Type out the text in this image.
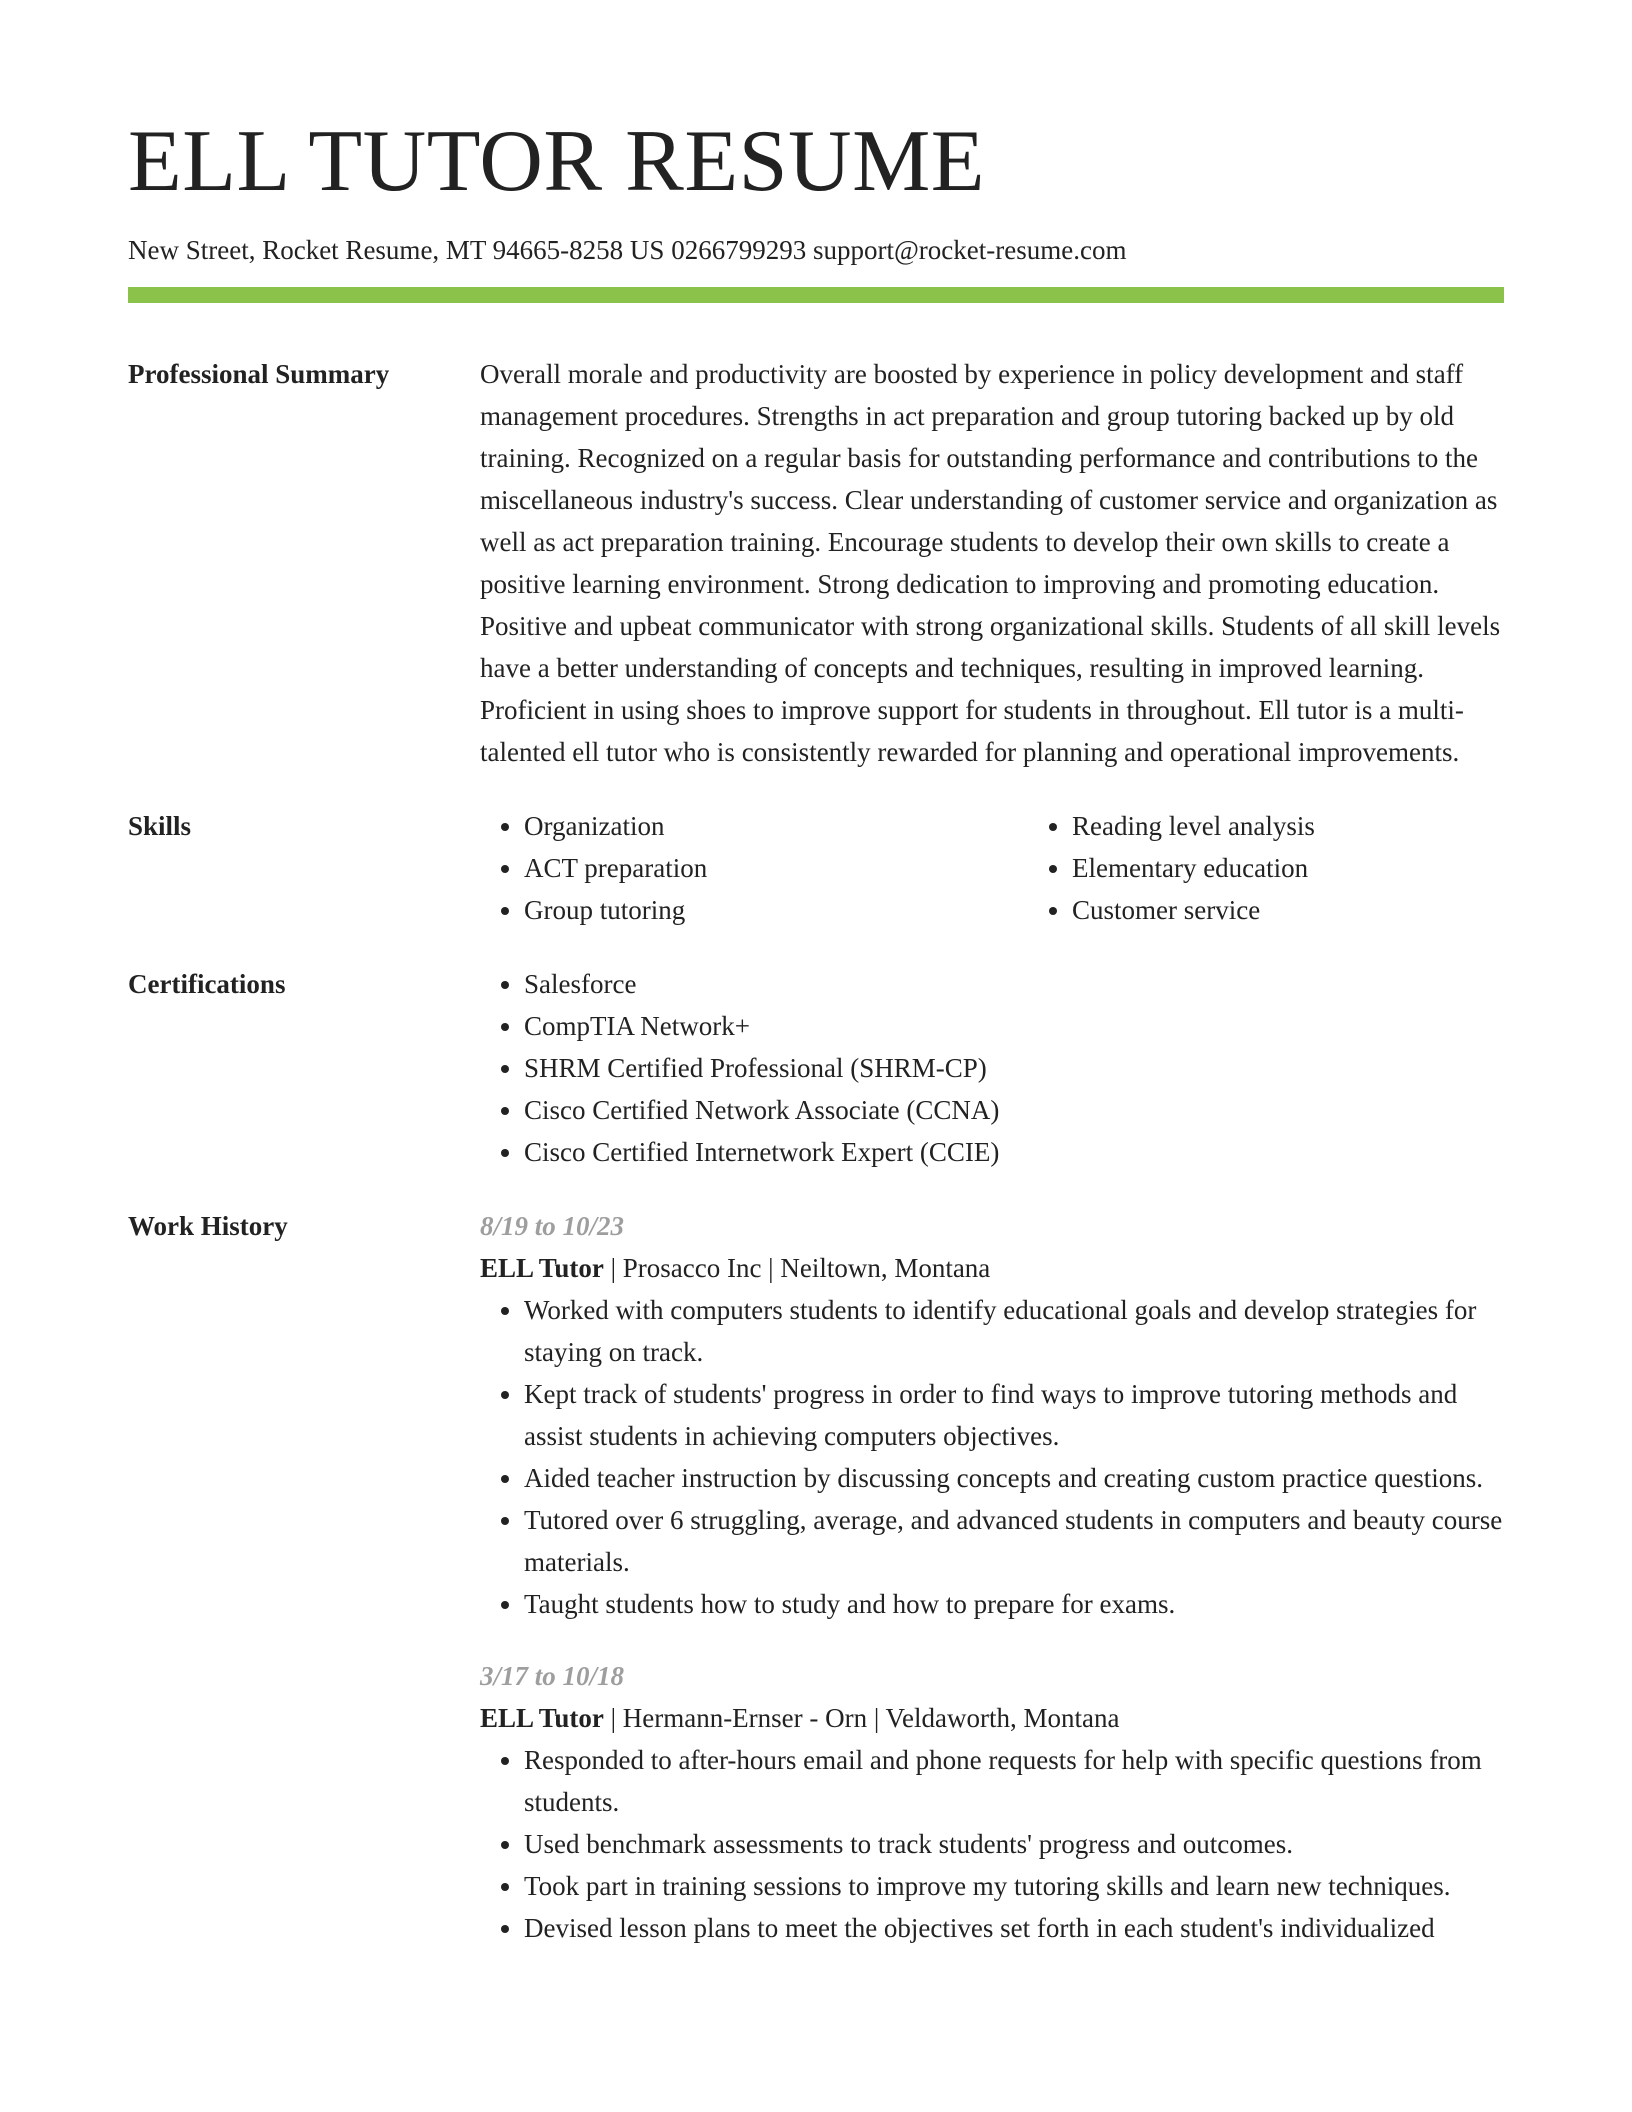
ELL TUTOR RESUME
New Street, Rocket Resume, MT 94665-8258 US 0266799293 support@rocket-resume.com
Professional Summary	Overall morale and productivity are boosted by experience in policy development and staff management procedures. Strengths in act preparation and group tutoring backed up by old training. Recognized on a regular basis for outstanding performance and contributions to the miscellaneous industry's success. Clear understanding of customer service and organization as well as act preparation training. Encourage students to develop their own skills to create a positive learning environment. Strong dedication to improving and promoting education. Positive and upbeat communicator with strong organizational skills. Students of all skill levels have a better understanding of concepts and techniques, resulting in improved learning. Proficient in using shoes to improve support for students in throughout. Ell tutor is a multi-talented ell tutor who is consistently rewarded for planning and operational improvements.
Skills	• Organization
• ACT preparation
• Group tutoring
• Reading level analysis
• Elementary education
• Customer service
Certifications	• Salesforce
• CompTIA Network+
• SHRM Certified Professional (SHRM-CP)
• Cisco Certified Network Associate (CCNA)
• Cisco Certified Internetwork Expert (CCIE)
Work History	8/19 to 10/23
ELL Tutor | Prosacco Inc | Neiltown, Montana
• Worked with computers students to identify educational goals and develop strategies for staying on track.
• Kept track of students' progress in order to find ways to improve tutoring methods and assist students in achieving computers objectives.
• Aided teacher instruction by discussing concepts and creating custom practice questions.
• Tutored over 6 struggling, average, and advanced students in computers and beauty course materials.
• Taught students how to study and how to prepare for exams.
3/17 to 10/18
ELL Tutor | Hermann-Ernser - Orn | Veldaworth, Montana
• Responded to after-hours email and phone requests for help with specific questions from students.
• Used benchmark assessments to track students' progress and outcomes.
• Took part in training sessions to improve my tutoring skills and learn new techniques.
• Devised lesson plans to meet the objectives set forth in each student's individualized
